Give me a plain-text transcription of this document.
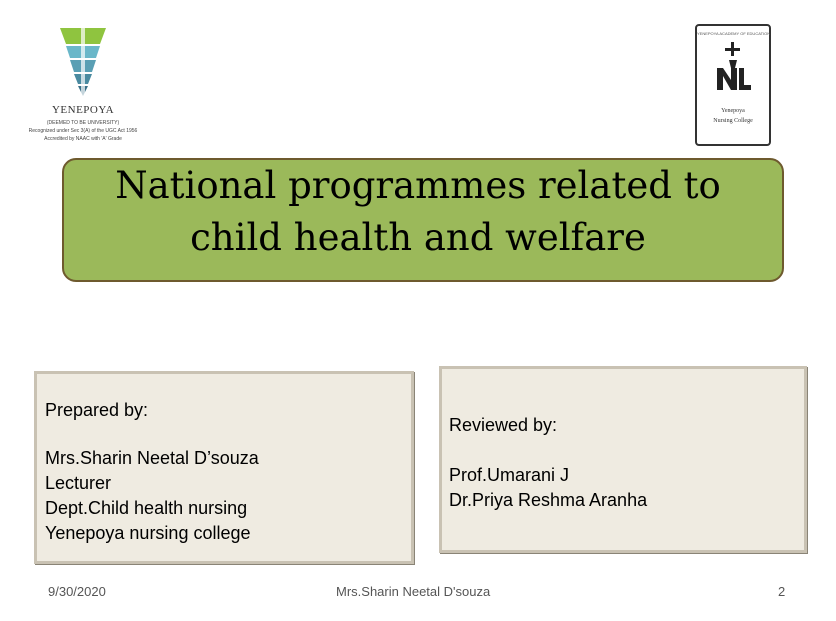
YENEPOYA
(DEEMED TO BE UNIVERSITY)
Recognized under Sec 3(A) of the UGC Act 1956
Accredited by NAAC with 'A' Grade
YENEPOYA ACADEMY OF EDUCATION
Yenepoya
Nursing College
National programmes related to
child health and welfare
Prepared by:
Mrs.Sharin Neetal D’souza
Lecturer
Dept.Child health nursing
Yenepoya nursing college
Reviewed by:
Prof.Umarani J
Dr.Priya Reshma Aranha
9/30/2020	Mrs.Sharin Neetal D'souza	2
